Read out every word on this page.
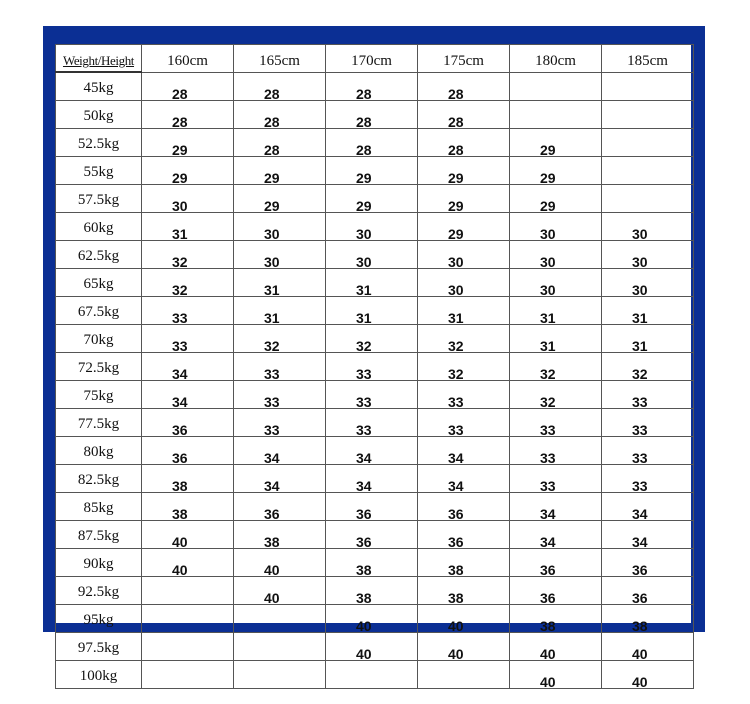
Weight/Height	160cm	165cm	170cm	175cm	180cm	185cm
45kg	28	28	28	28		
50kg	28	28	28	28		
52.5kg	29	28	28	28	29	
55kg	29	29	29	29	29	
57.5kg	30	29	29	29	29	
60kg	31	30	30	29	30	30
62.5kg	32	30	30	30	30	30
65kg	32	31	31	30	30	30
67.5kg	33	31	31	31	31	31
70kg	33	32	32	32	31	31
72.5kg	34	33	33	32	32	32
75kg	34	33	33	33	32	33
77.5kg	36	33	33	33	33	33
80kg	36	34	34	34	33	33
82.5kg	38	34	34	34	33	33
85kg	38	36	36	36	34	34
87.5kg	40	38	36	36	34	34
90kg	40	40	38	38	36	36
92.5kg		40	38	38	36	36
95kg			40	40	38	38
97.5kg			40	40	40	40
100kg					40	40
